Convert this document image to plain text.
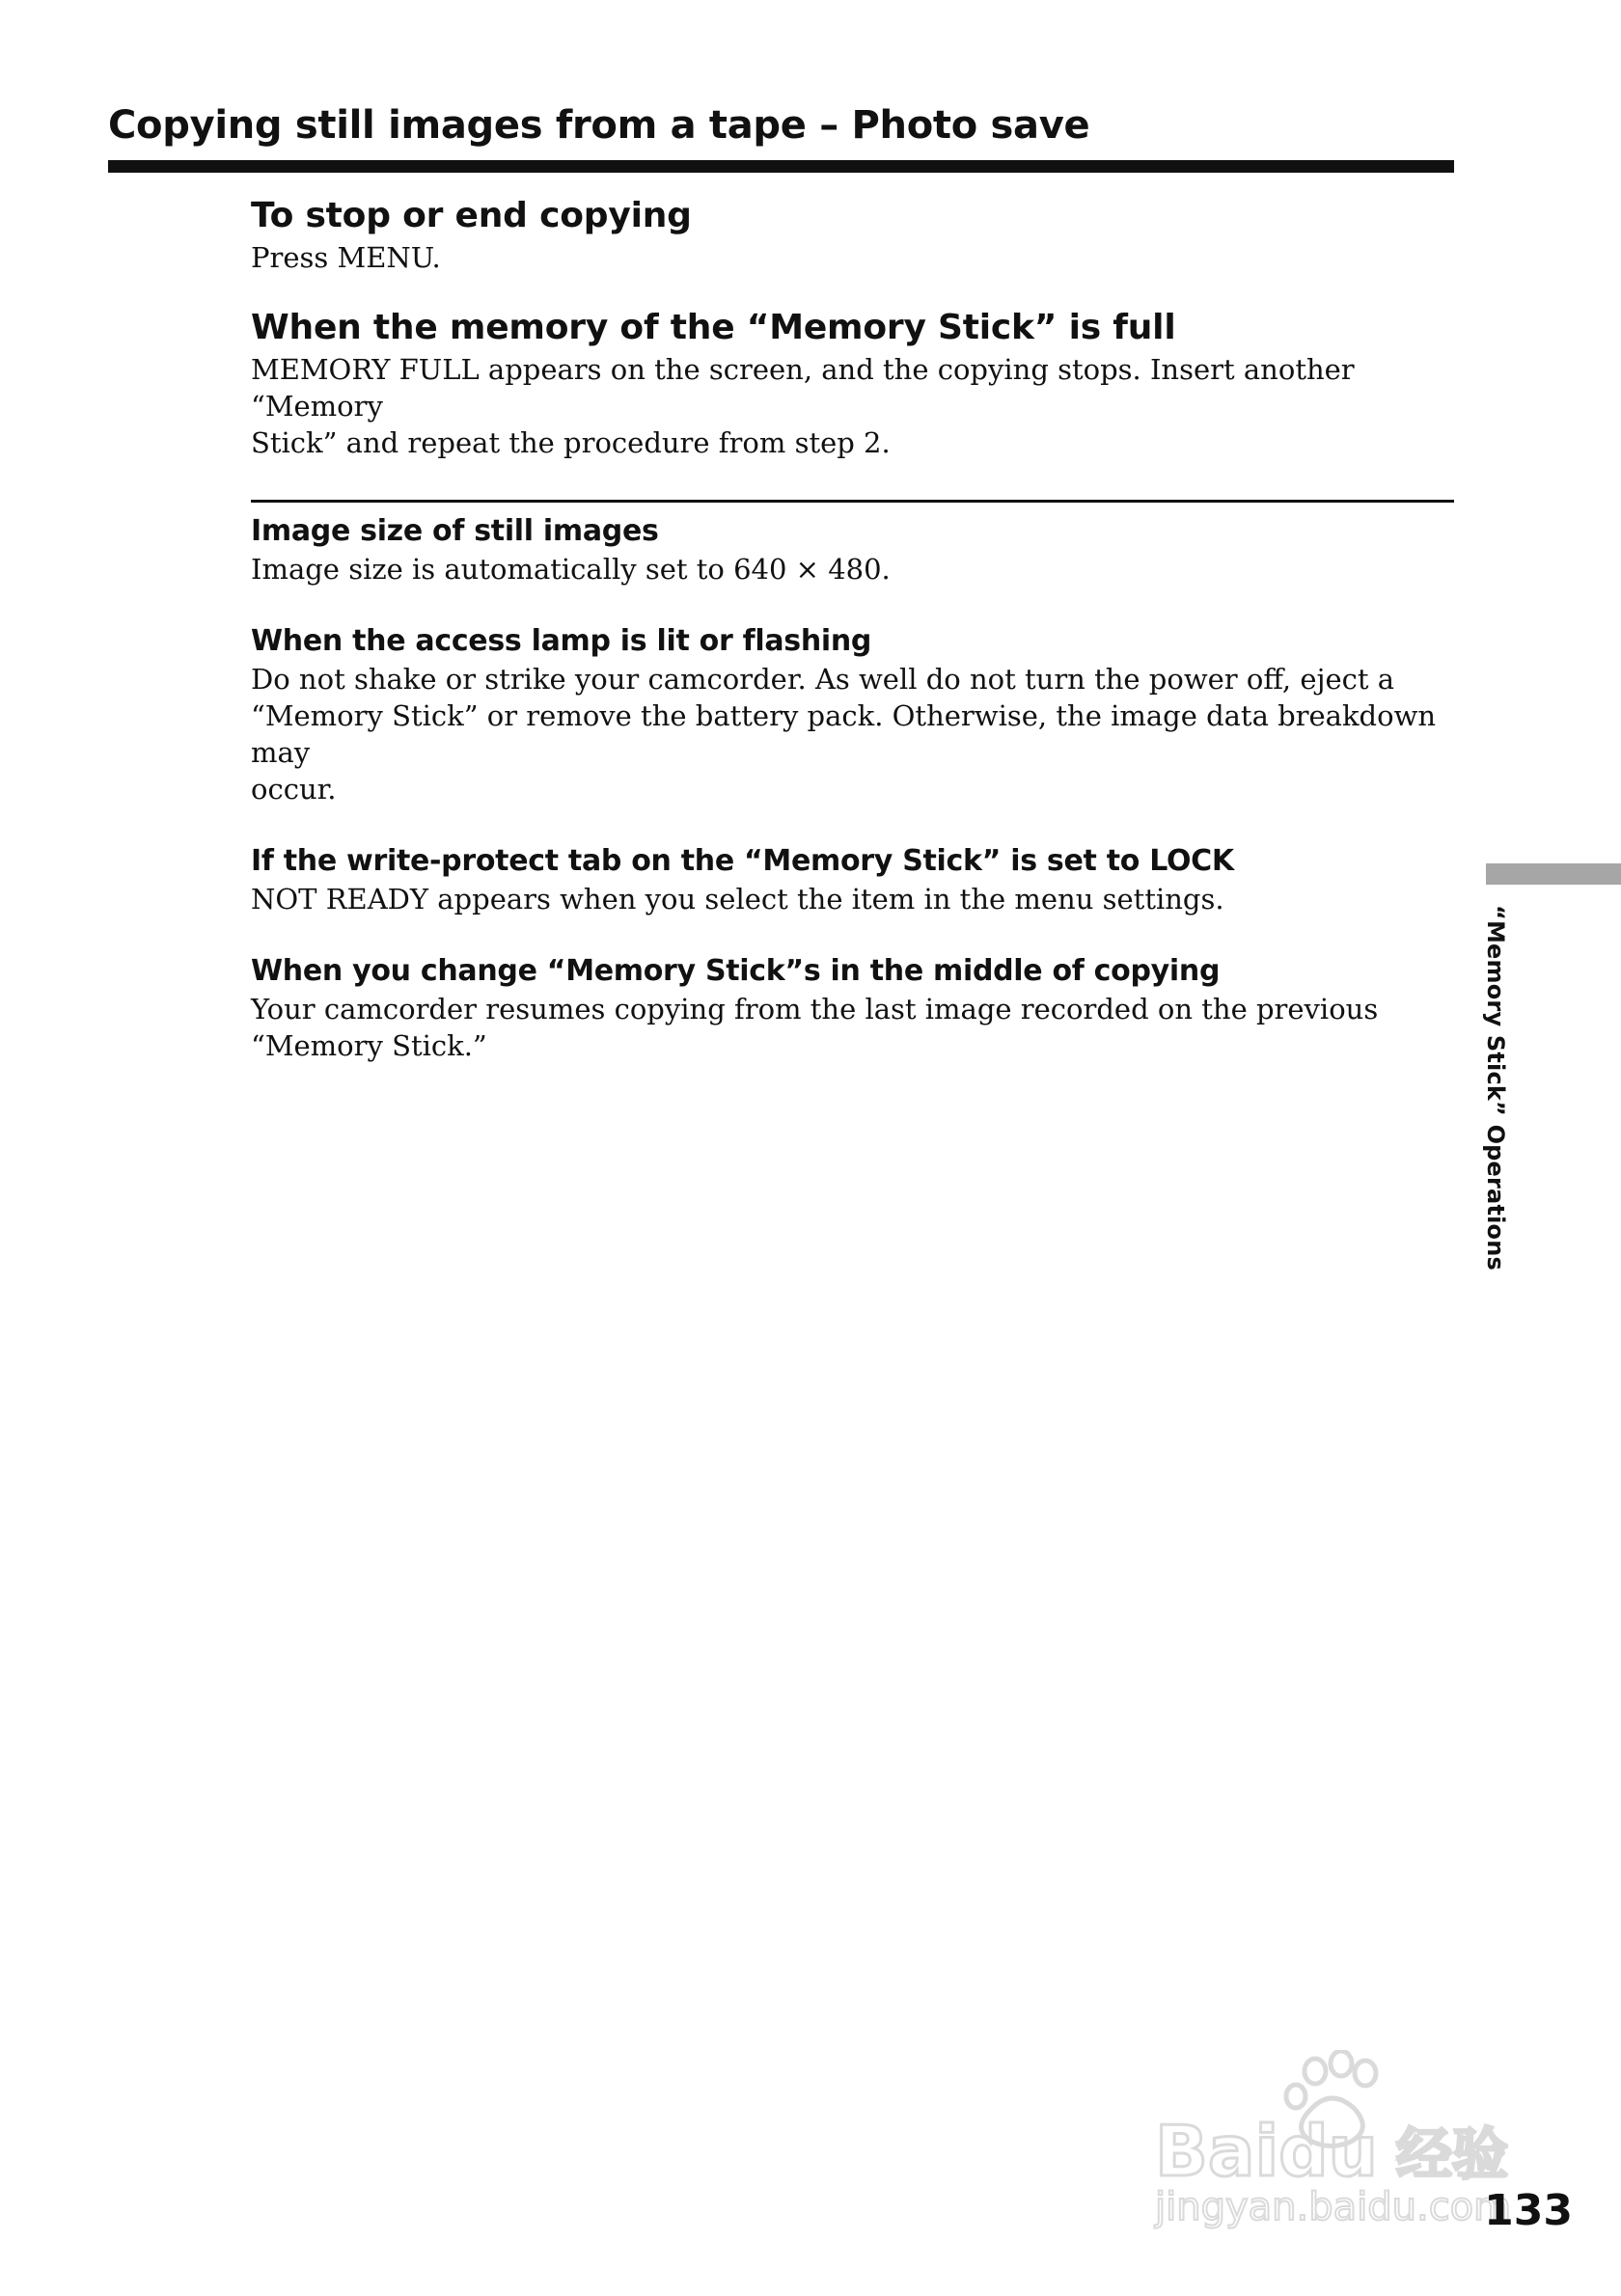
Copying still images from a tape – Photo save
To stop or end copying

Press MENU.

When the memory of the “Memory Stick” is full

MEMORY FULL appears on the screen, and the copying stops. Insert another “Memory

Stick” and repeat the procedure from step 2.

Image size of still images

Image size is automatically set to 640 × 480.

When the access lamp is lit or flashing

Do not shake or strike your camcorder. As well do not turn the power off, eject a

“Memory Stick” or remove the battery pack. Otherwise, the image data breakdown may

occur.

If the write-protect tab on the “Memory Stick” is set to LOCK

NOT READY appears when you select the item in the menu settings.

When you change “Memory Stick”s in the middle of copying

Your camcorder resumes copying from the last image recorded on the previous

“Memory Stick.”	“Memory Stick” Operations
Baidu 经验
jingyan.baidu.com
133
